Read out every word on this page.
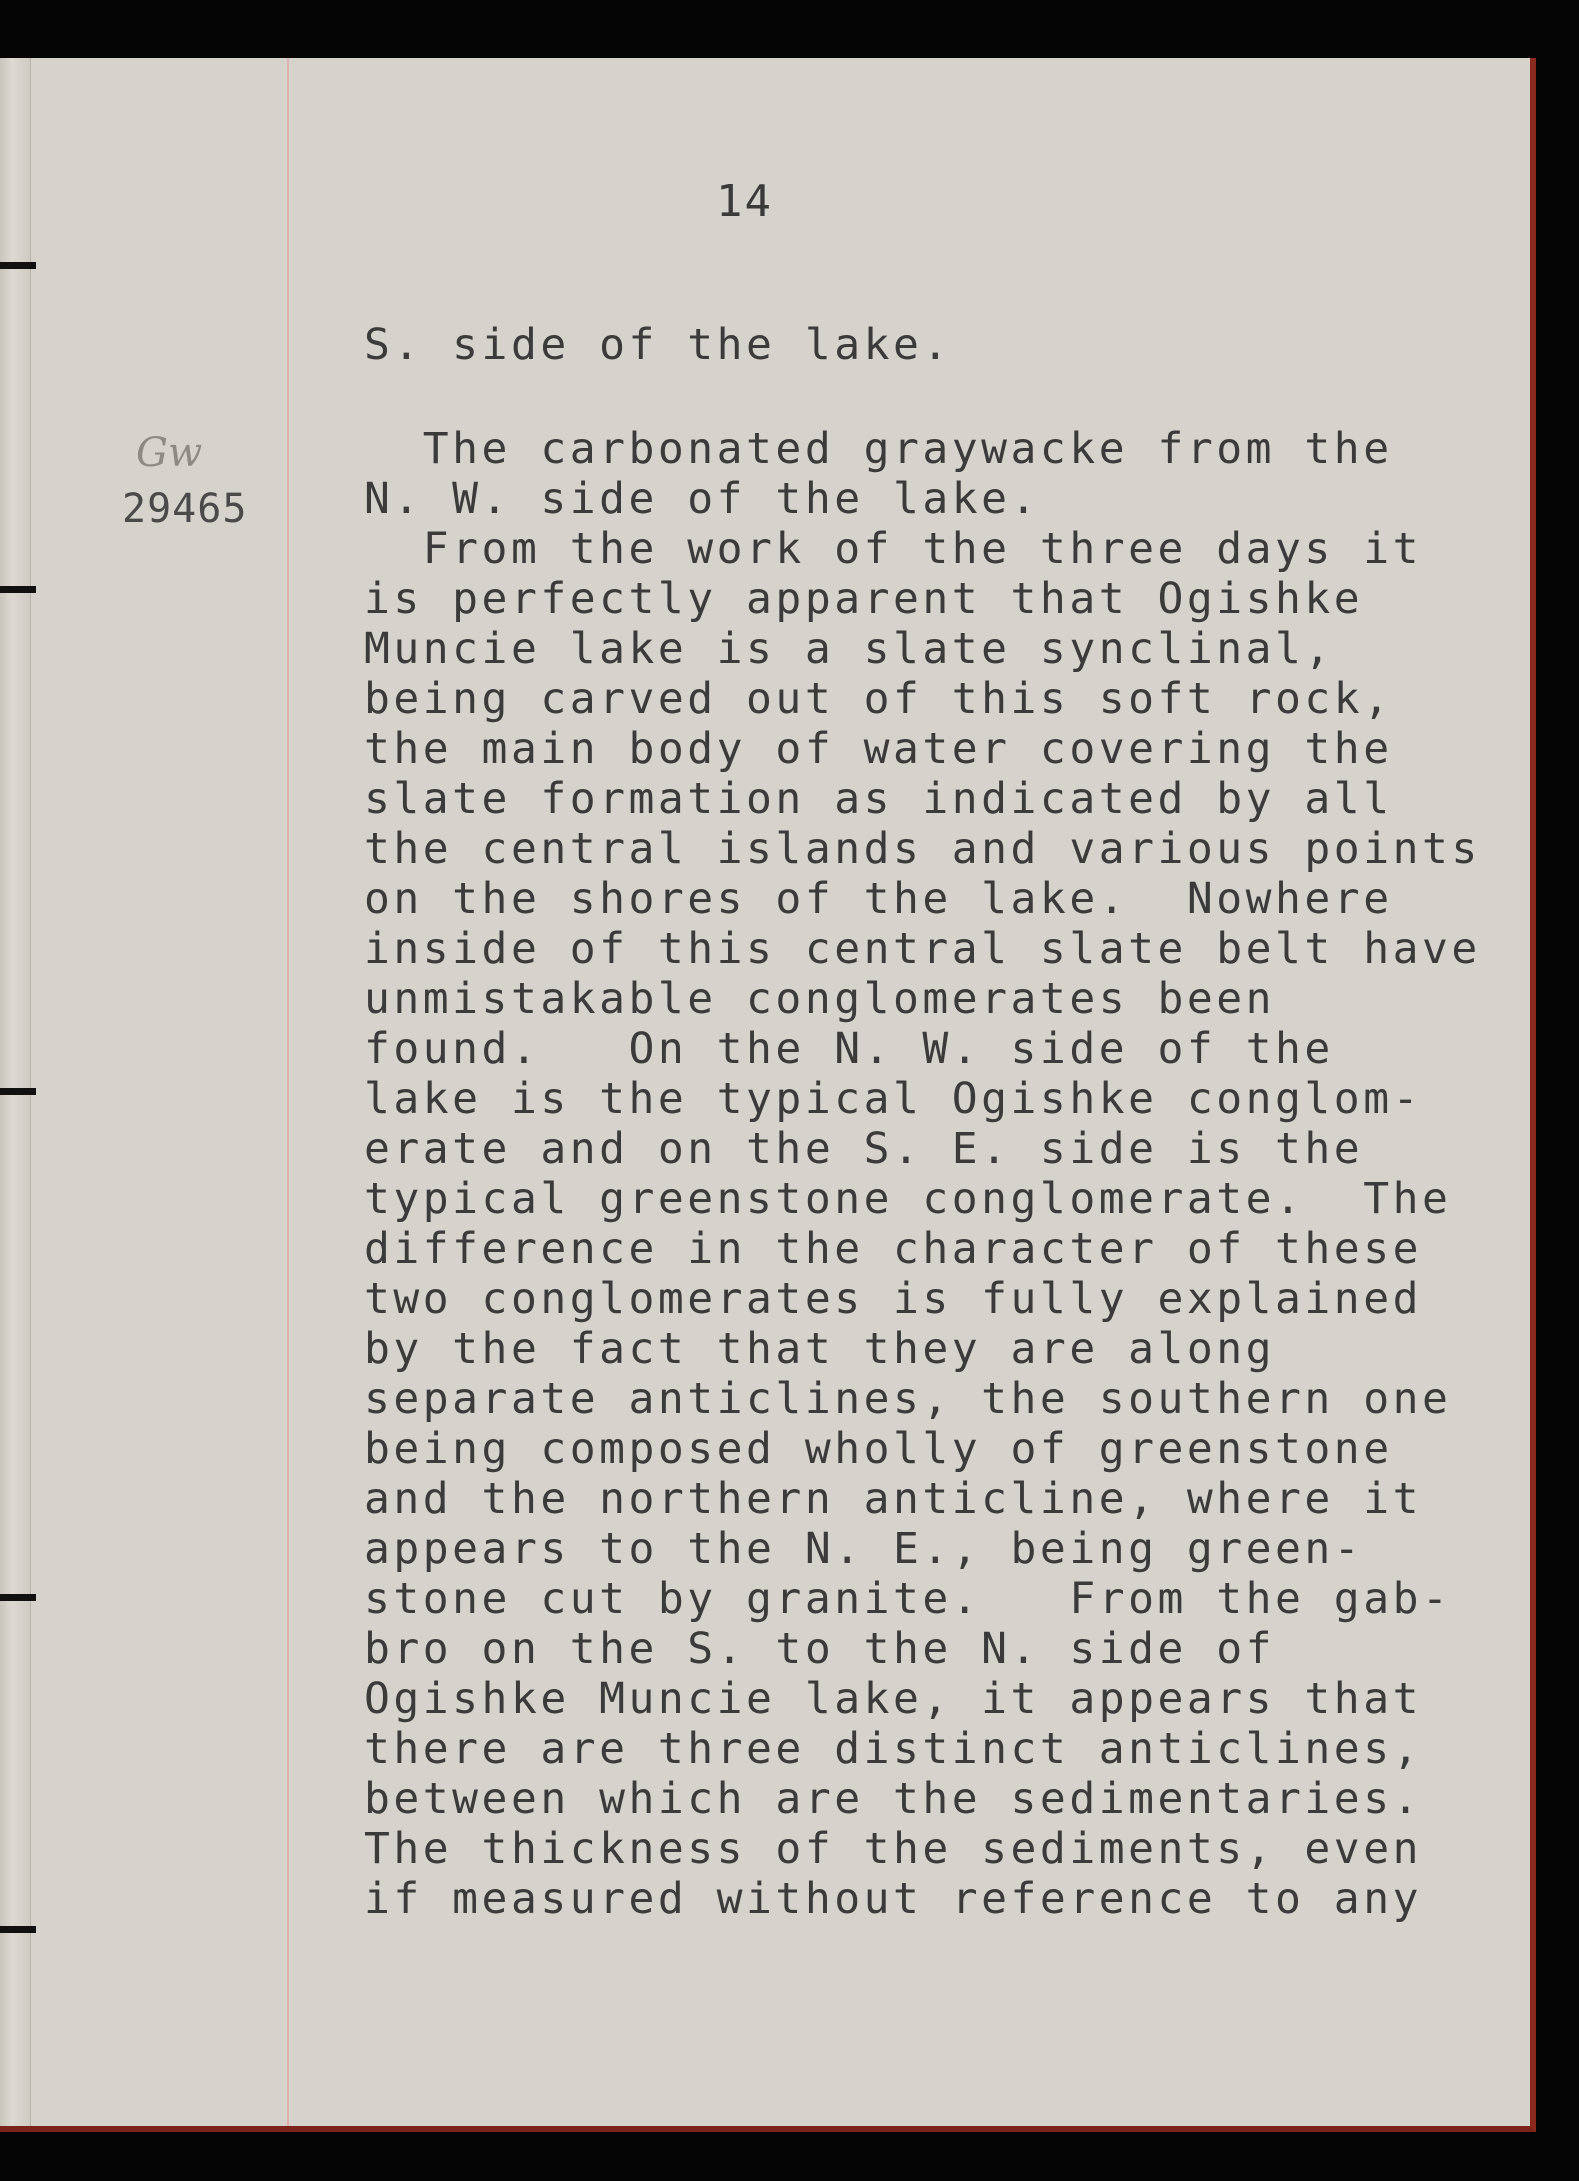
14
Gw
29465
S. side of the lake.
The carbonated graywacke from the
N. W. side of the lake.
From the work of the three days it
is perfectly apparent that Ogishke
Muncie lake is a slate synclinal,
being carved out of this soft rock,
the main body of water covering the
slate formation as indicated by all
the central islands and various points
on the shores of the lake.  Nowhere
inside of this central slate belt have
unmistakable conglomerates been
found.   On the N. W. side of the
lake is the typical Ogishke conglom-
erate and on the S. E. side is the
typical greenstone conglomerate.  The
difference in the character of these
two conglomerates is fully explained
by the fact that they are along
separate anticlines, the southern one
being composed wholly of greenstone
and the northern anticline, where it
appears to the N. E., being green-
stone cut by granite.   From the gab-
bro on the S. to the N. side of
Ogishke Muncie lake, it appears that
there are three distinct anticlines,
between which are the sedimentaries.
The thickness of the sediments, even
if measured without reference to any
